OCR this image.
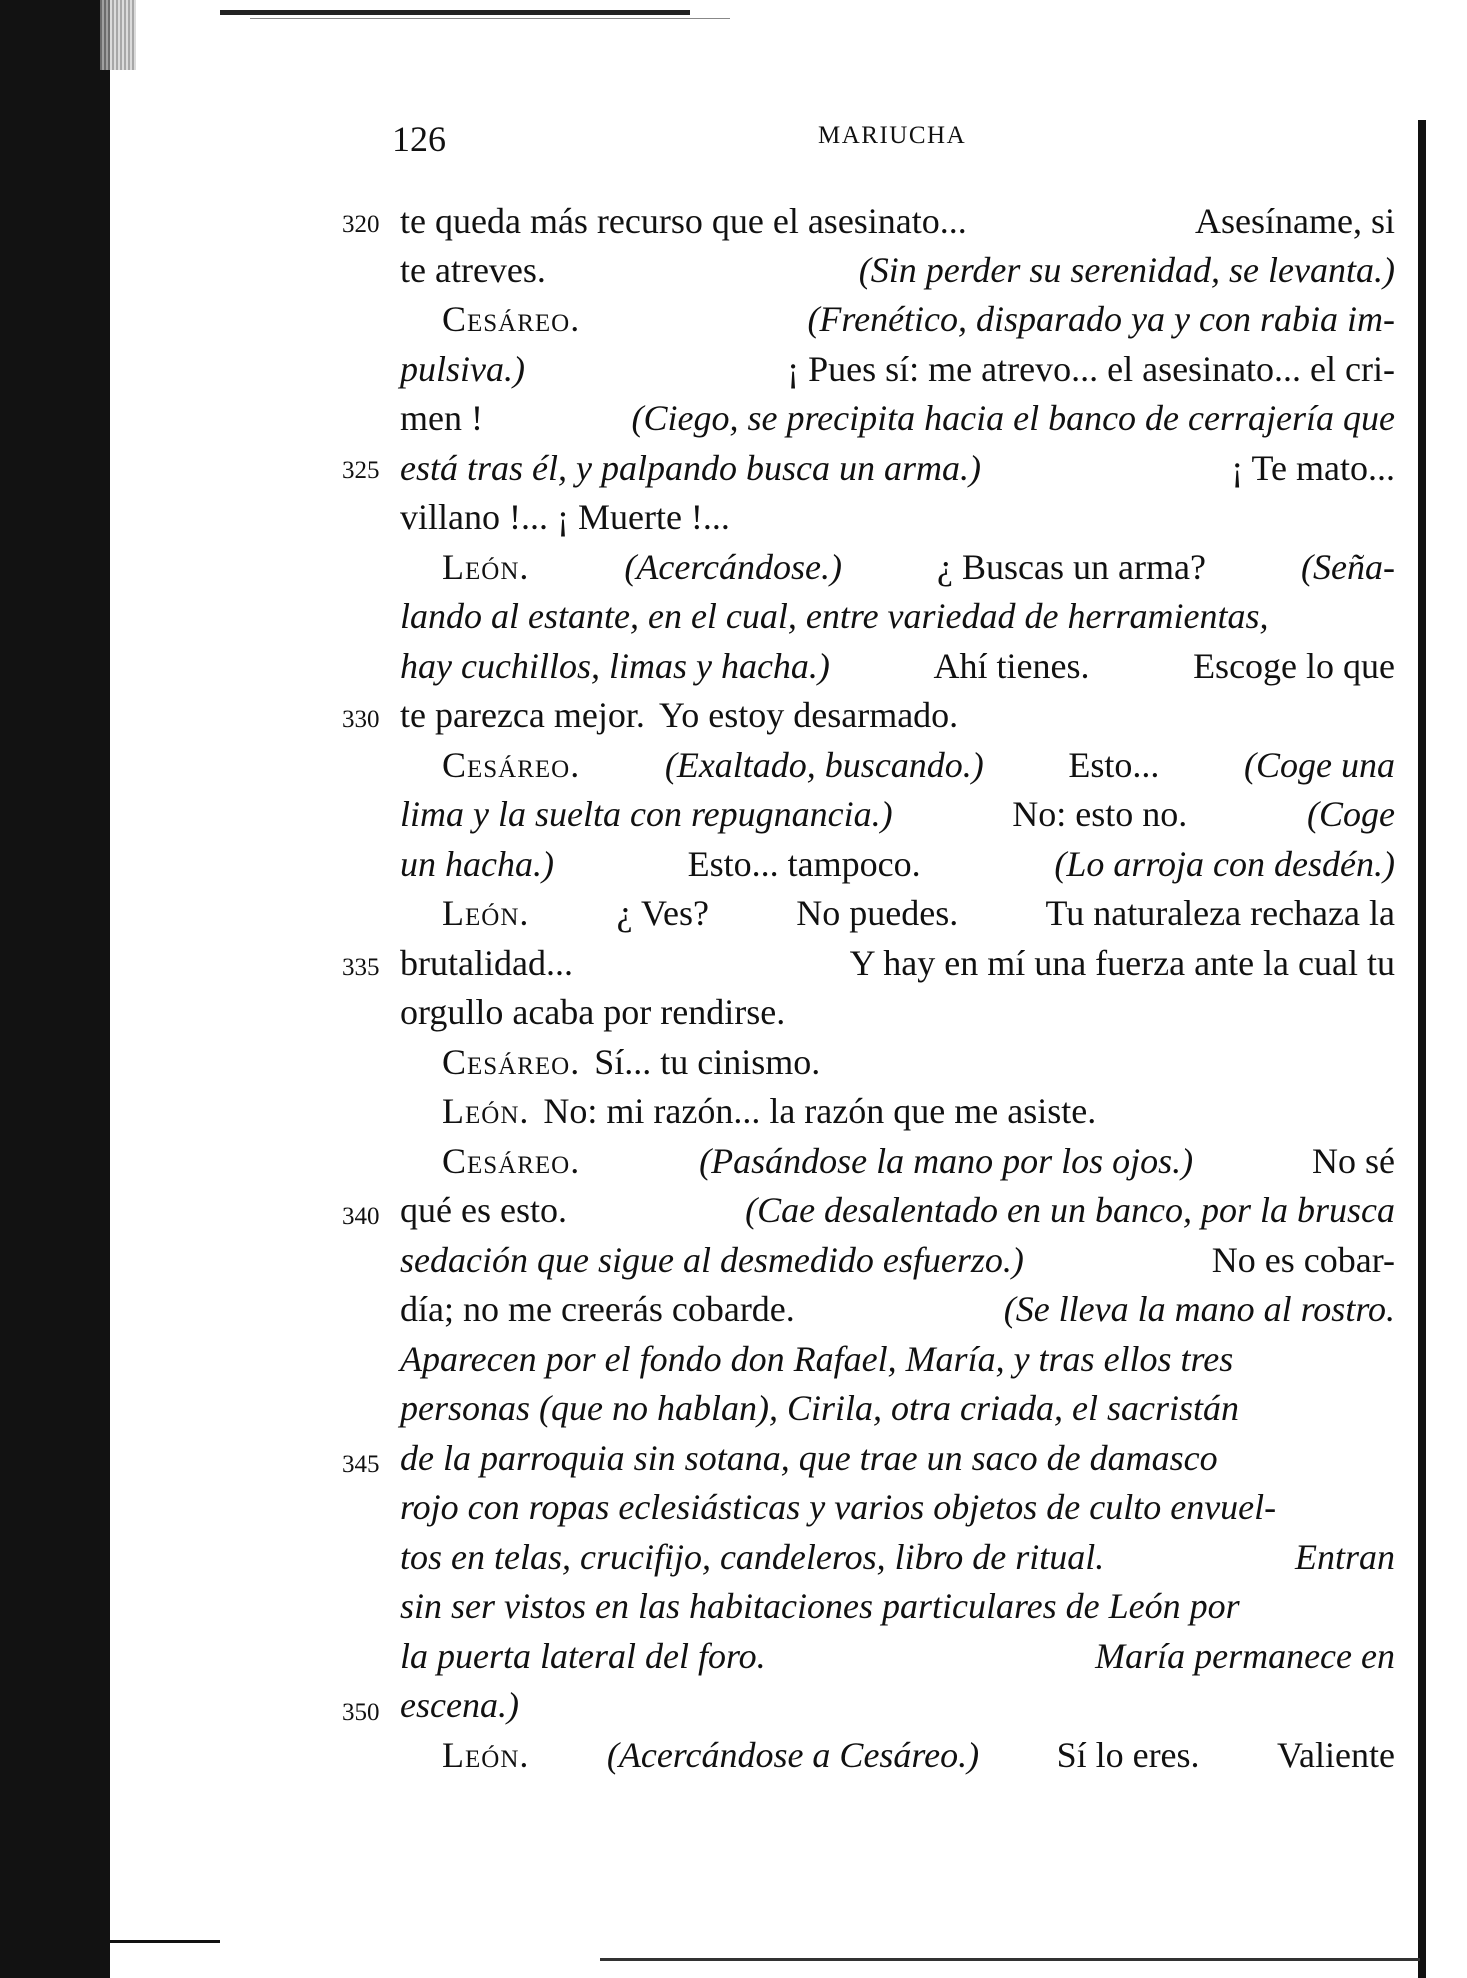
126	MARIUCHA
320
325
330
335
340
345
350
te queda más recurso que el asesinato...	Asesíname, si
te atreves.	(Sin perder su serenidad, se levanta.)
Cesáreo.	(Frenético, disparado ya y con rabia im-
pulsiva.)	¡ Pues sí: me atrevo... el asesinato... el cri-
men !	(Ciego, se precipita hacia el banco de cerrajería que
está tras él, y palpando busca un arma.)	¡ Te mato...
villano !... ¡ Muerte !...
León.	(Acercándose.)	¿ Buscas un arma?	(Seña-
lando al estante, en el cual, entre variedad de herramientas,
hay cuchillos, limas y hacha.)	Ahí tienes.	Escoge lo que
te parezca mejor. Yo estoy desarmado.
Cesáreo. (Exaltado, buscando.) Esto... (Coge una
lima y la suelta con repugnancia.)	No: esto no.	(Coge
un hacha.)	Esto... tampoco.	(Lo arroja con desdén.)
León. ¿ Ves? No puedes. Tu naturaleza rechaza la
brutalidad...	Y hay en mí una fuerza ante la cual tu
orgullo acaba por rendirse.
Cesáreo. Sí... tu cinismo.
León. No: mi razón... la razón que me asiste.
Cesáreo.	(Pasándose la mano por los ojos.)	No sé
qué es esto.	(Cae desalentado en un banco, por la brusca
sedación que sigue al desmedido esfuerzo.)	No es cobar-
día; no me creerás cobarde.	(Se lleva la mano al rostro.
Aparecen por el fondo don Rafael, María, y tras ellos tres
personas (que no hablan), Cirila, otra criada, el sacristán
de la parroquia sin sotana, que trae un saco de damasco
rojo con ropas eclesiásticas y varios objetos de culto envuel-
tos en telas, crucifijo, candeleros, libro de ritual.	Entran
sin ser vistos en las habitaciones particulares de León por
la puerta lateral del foro.	María permanece en
escena.)
León. (Acercándose a Cesáreo.) Sí lo eres. Valiente
